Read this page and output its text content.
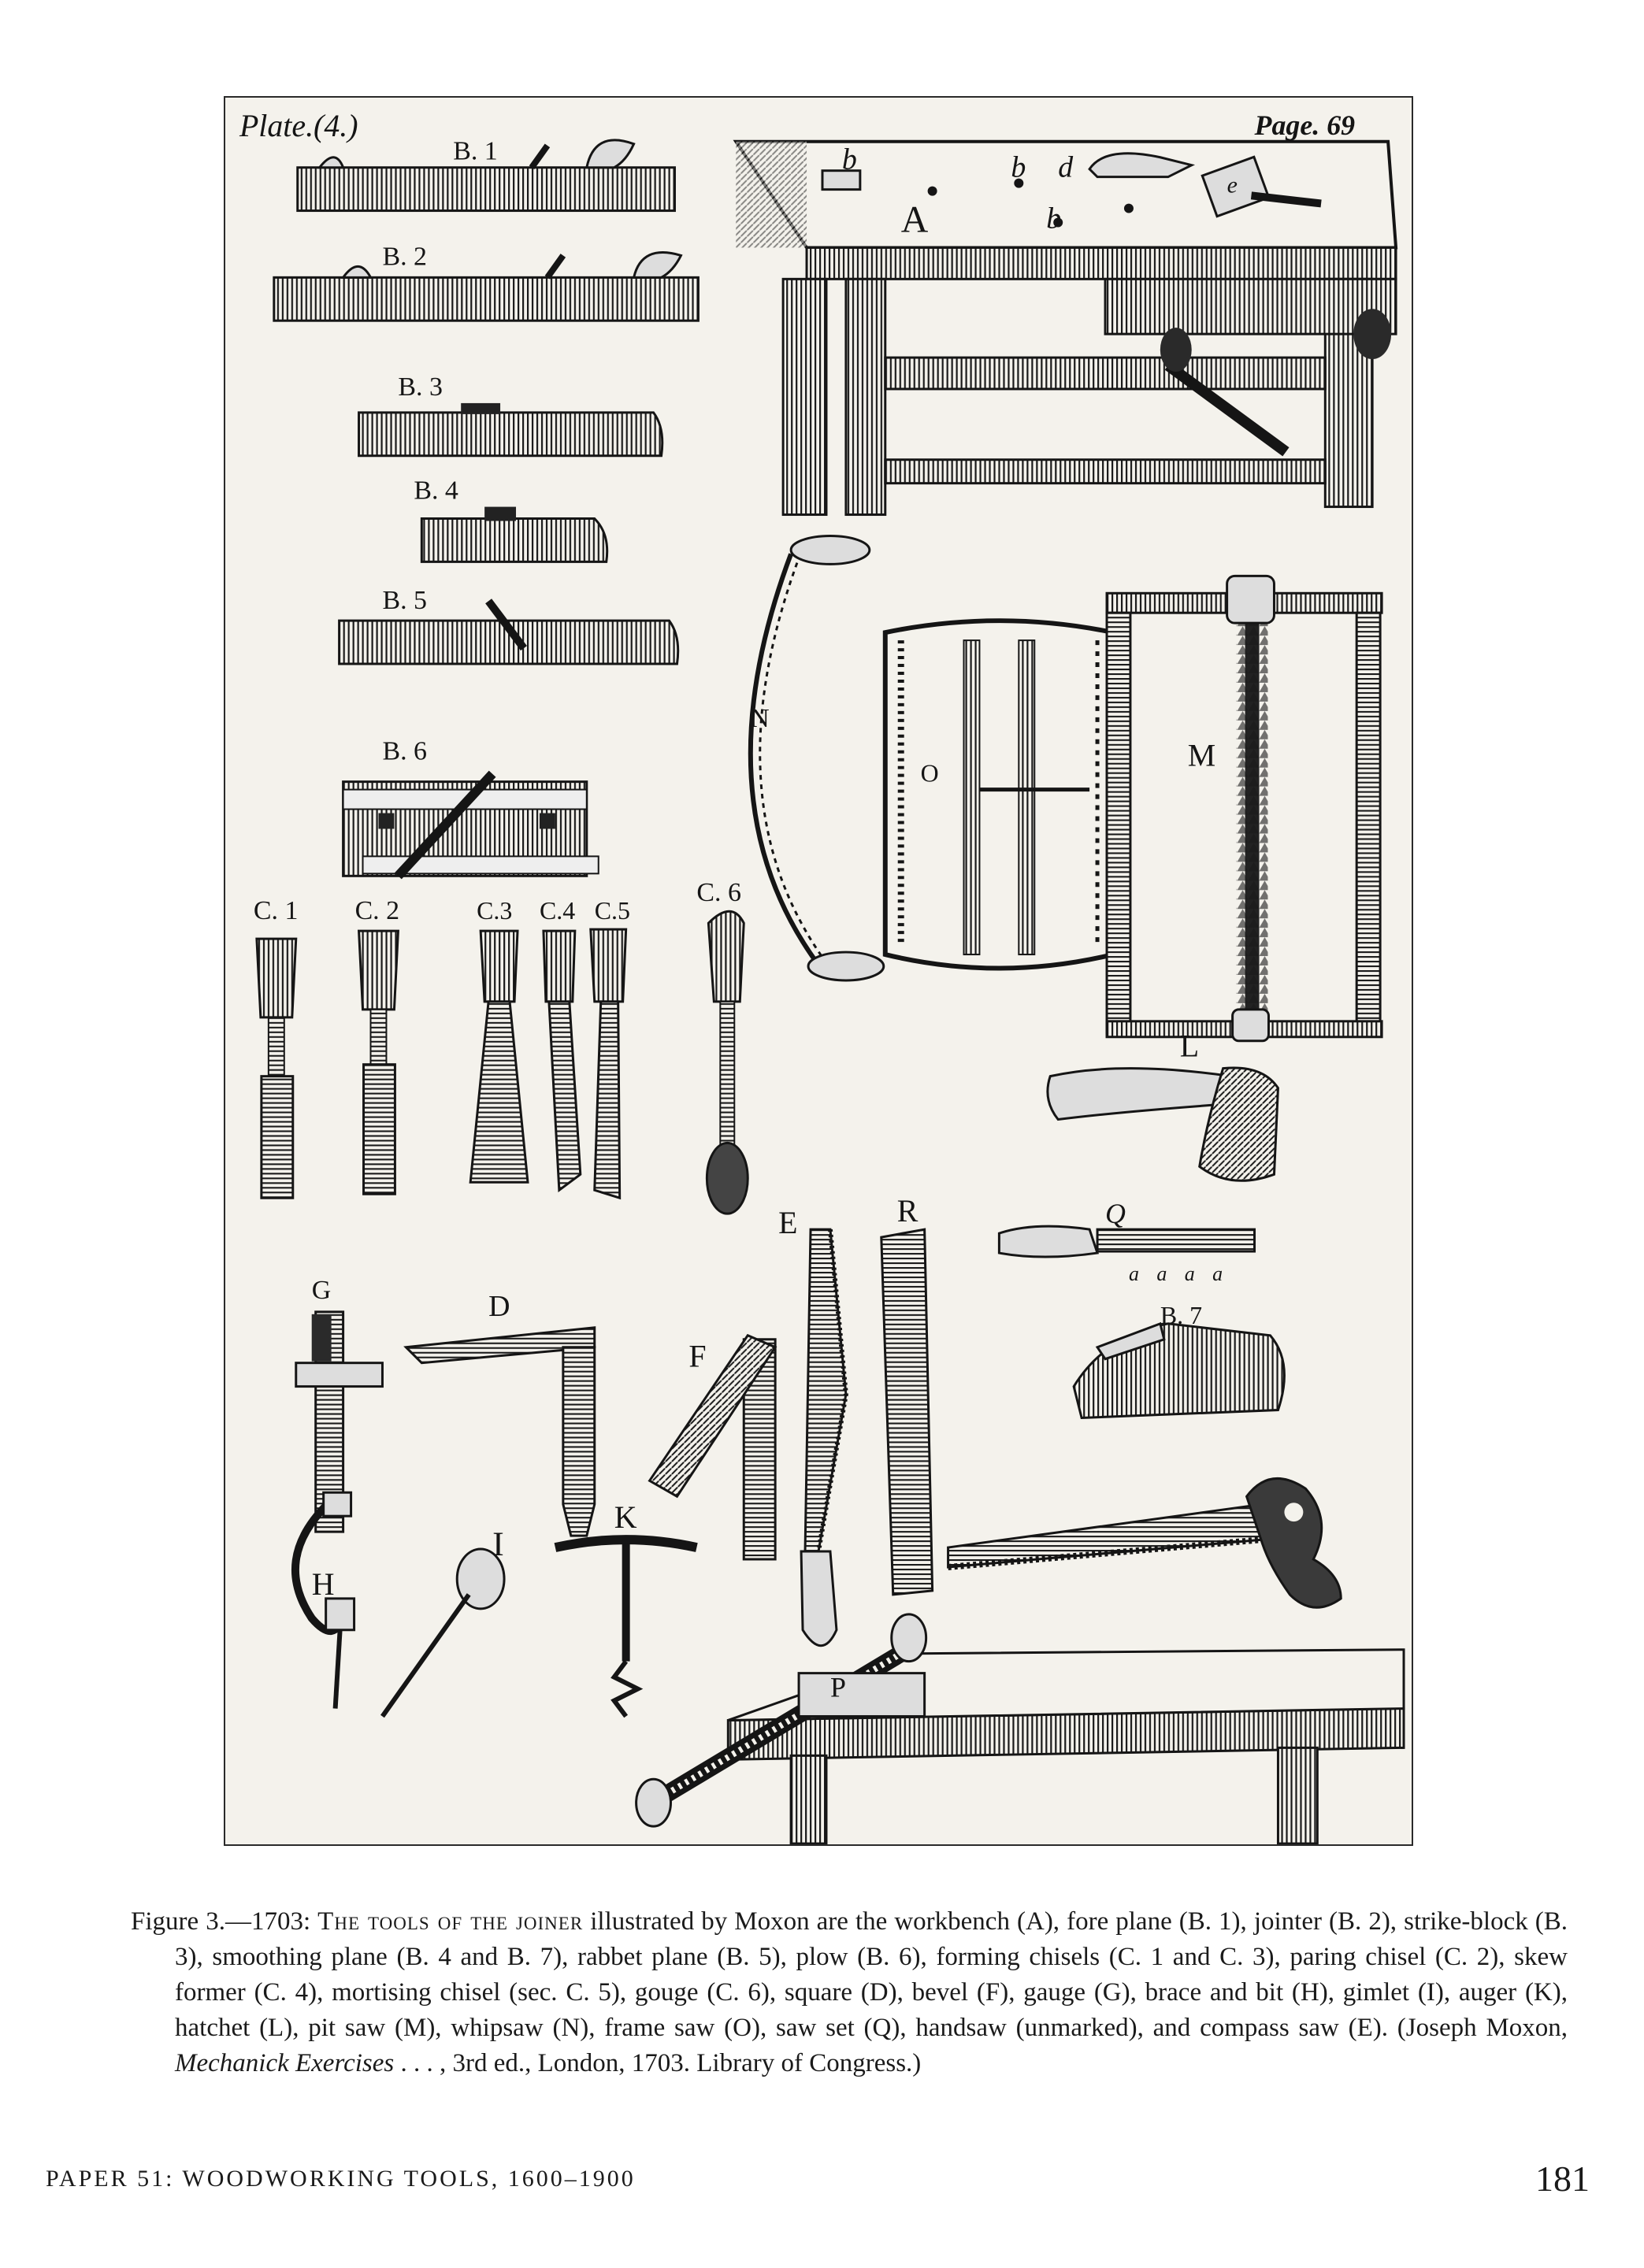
Plate.(4.)	Page. 69
b	b
b
d
e
A
B. 1
B. 2
B. 3
B. 4
B. 5
B. 6
C. 1 C. 2	C.3 C.4 C.5
C. 6
N
O
M
L
Q
a a a a
B. 7
G	D
F
E	R
H
I
K
P
Figure 3.—1703: The tools of the joiner illustrated by Moxon are the workbench (A), fore plane (B. 1), jointer (B. 2), strike-block (B. 3), smoothing plane (B. 4 and B. 7), rabbet plane (B. 5), plow (B. 6), forming chisels (C. 1 and C. 3), paring chisel (C. 2), skew former (C. 4), mortising chisel (sec. C. 5), gouge (C. 6), square (D), bevel (F), gauge (G), brace and bit (H), gimlet (I), auger (K), hatchet (L), pit saw (M), whipsaw (N), frame saw (O), saw set (Q), handsaw (unmarked), and compass saw (E). (Joseph Moxon, Mechanick Exercises . . . , 3rd ed., London, 1703. Library of Congress.)
PAPER 51: WOODWORKING TOOLS, 1600–1900	181
